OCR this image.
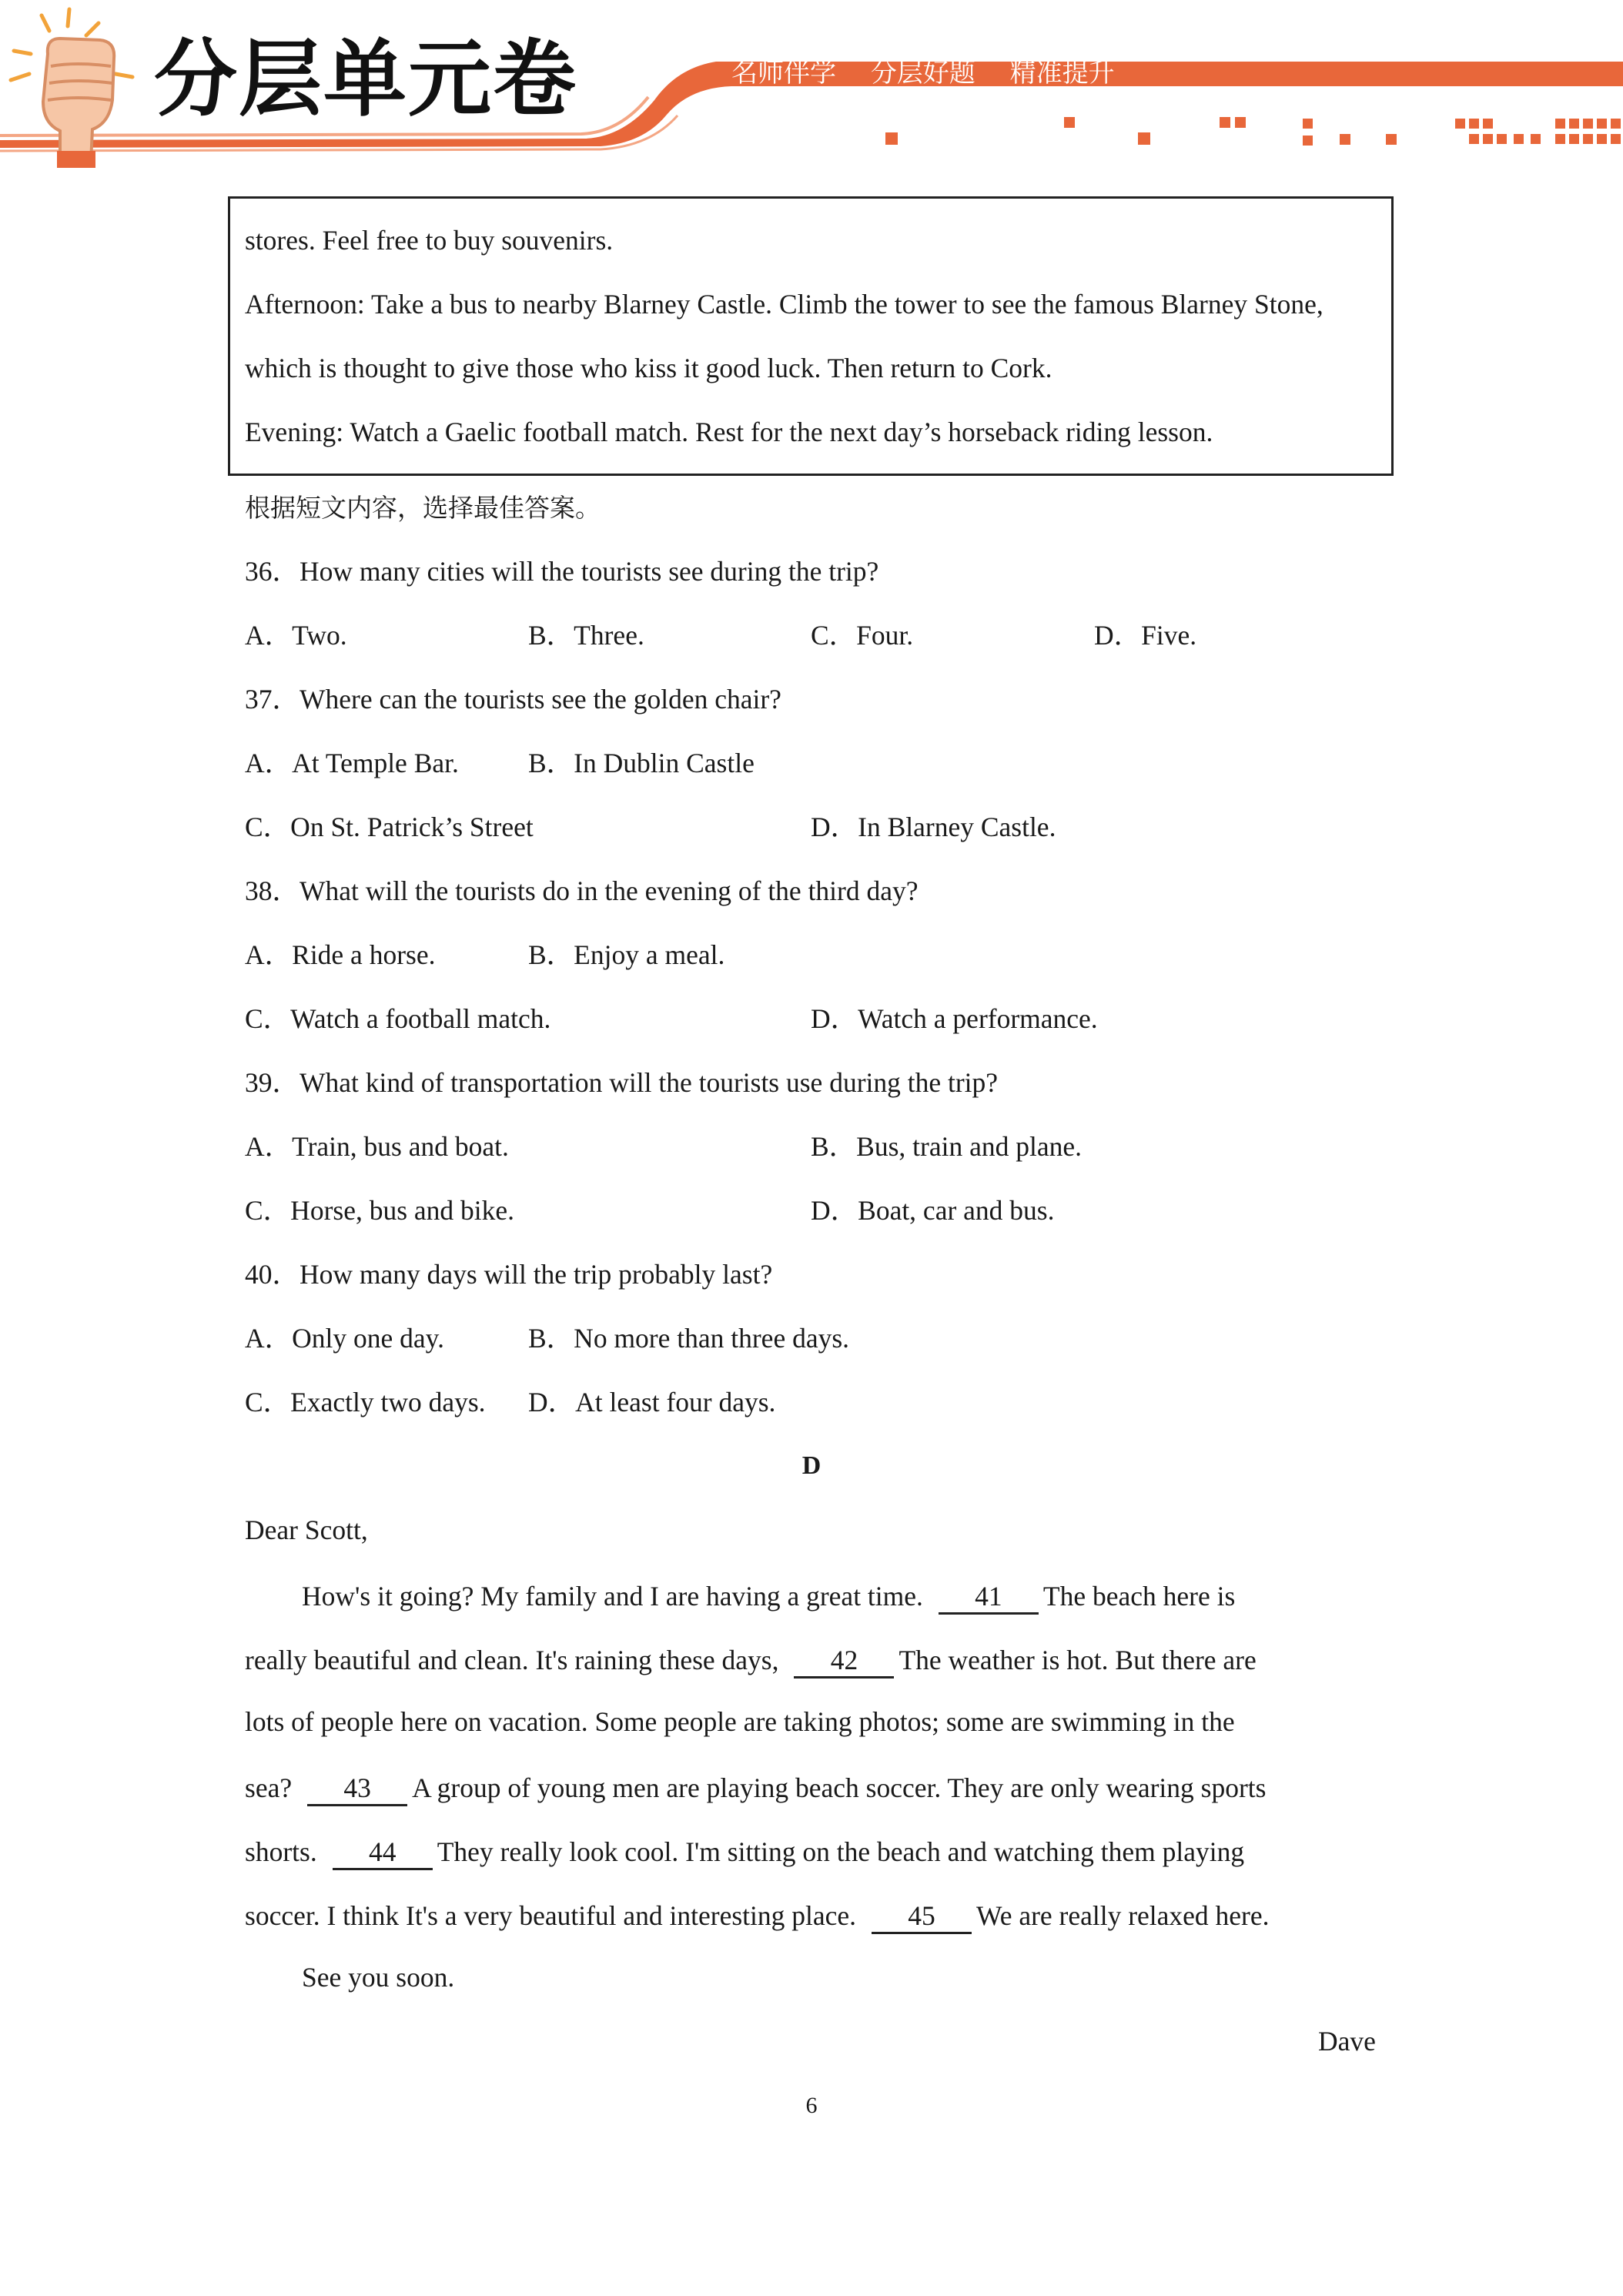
分层单元卷	名师伴学 分层好题 精准提升
stores. Feel free to buy souvenirs.
Afternoon: Take a bus to nearby Blarney Castle. Climb the tower to see the famous Blarney Stone,
which is thought to give those who kiss it good luck. Then return to Cork.
Evening: Watch a Gaelic football match. Rest for the next day’s horseback riding lesson.
根据短文内容，选择最佳答案。
36．How many cities will the tourists see during the trip?
A．Two.	B．Three.	C．Four.	D．Five.
37．Where can the tourists see the golden chair?
A．At Temple Bar.	B．In Dublin Castle
C．On St. Patrick’s Street	D．In Blarney Castle.
38．What will the tourists do in the evening of the third day?
A．Ride a horse.	B．Enjoy a meal.
C．Watch a football match.	D．Watch a performance.
39．What kind of transportation will the tourists use during the trip?
A．Train, bus and boat.	B．Bus, train and plane.
C．Horse, bus and bike.	D．Boat, car and bus.
40．How many days will the trip probably last?
A．Only one day.	B．No more than three days.
C．Exactly two days. D．At least four days.
D
Dear Scott,
How's it going? My family and I are having a great time. 41 The beach here is
really beautiful and clean. It's raining these days, 42 The weather is hot. But there are
lots of people here on vacation. Some people are taking photos; some are swimming in the
sea? 43 A group of young men are playing beach soccer. They are only wearing sports
shorts. 44 They really look cool. I'm sitting on the beach and watching them playing
soccer. I think It's a very beautiful and interesting place. 45 We are really relaxed here.
See you soon.
Dave
6
